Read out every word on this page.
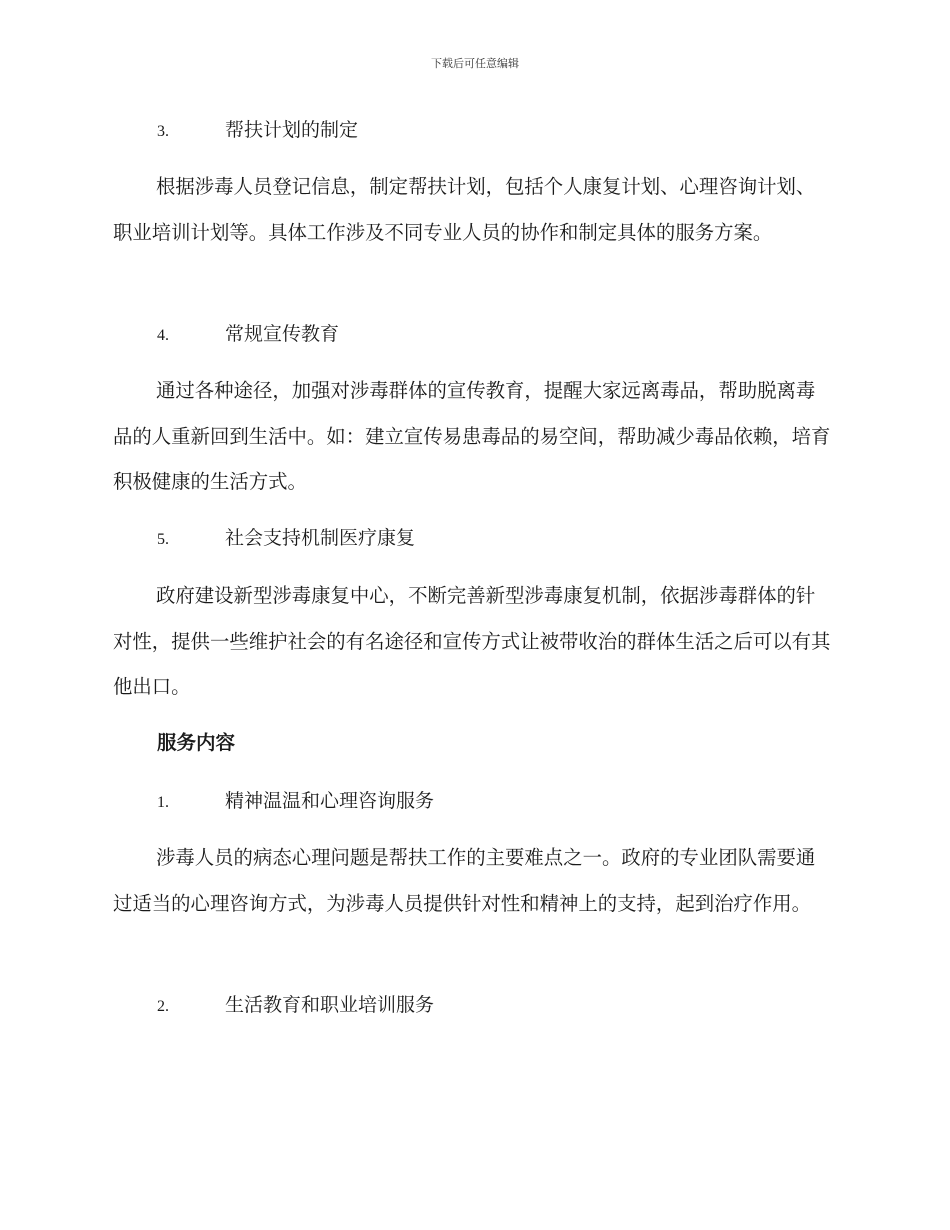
下载后可任意编辑
3.	帮扶计划的制定

根据涉毒人员登记信息，制定帮扶计划，包括个人康复计划、心理咨询计划、职业培训计划等。具体工作涉及不同专业人员的协作和制定具体的服务方案。

4.	常规宣传教育

通过各种途径，加强对涉毒群体的宣传教育，提醒大家远离毒品，帮助脱离毒品的人重新回到生活中。如：建立宣传易患毒品的易空间，帮助减少毒品依赖，培育积极健康的生活方式。

5.	社会支持机制医疗康复

政府建设新型涉毒康复中心，不断完善新型涉毒康复机制，依据涉毒群体的针对性，提供一些维护社会的有名途径和宣传方式让被带收治的群体生活之后可以有其他出口。

服务内容
1.	精神温温和心理咨询服务

涉毒人员的病态心理问题是帮扶工作的主要难点之一。政府的专业团队需要通过适当的心理咨询方式，为涉毒人员提供针对性和精神上的支持，起到治疗作用。

2.	生活教育和职业培训服务
